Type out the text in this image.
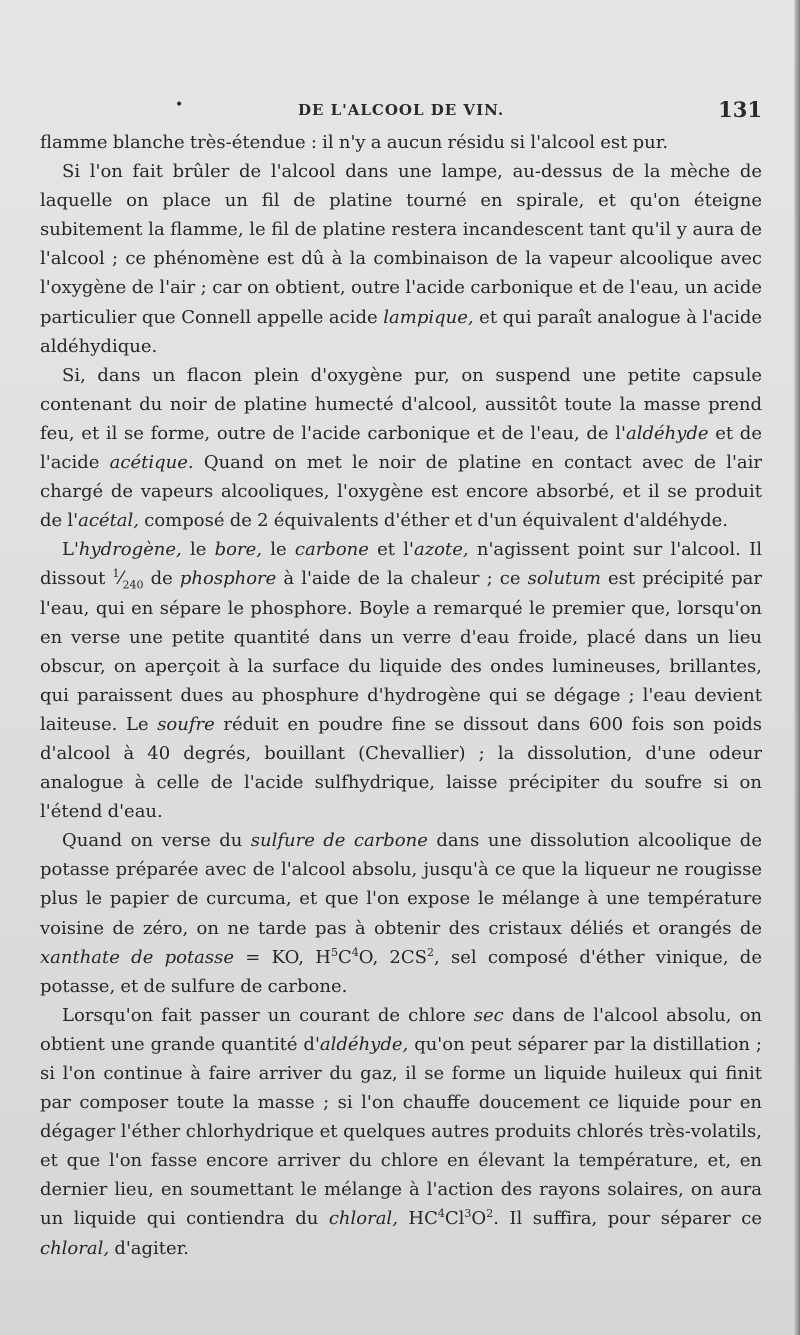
•	DE L'ALCOOL DE VIN.	131

flamme blanche très-étendue : il n'y a aucun résidu si l'alcool est pur.

Si l'on fait brûler de l'alcool dans une lampe, au-dessus de la mèche de laquelle on place un fil de platine tourné en spirale, et qu'on éteigne subitement la flamme, le fil de platine restera incandescent tant qu'il y aura de l'alcool ; ce phénomène est dû à la combinaison de la vapeur alcoolique avec l'oxygène de l'air ; car on obtient, outre l'acide carbonique et de l'eau, un acide particulier que Connell appelle acide lampique, et qui paraît analogue à l'acide aldéhydique.

Si, dans un flacon plein d'oxygène pur, on suspend une petite capsule contenant du noir de platine humecté d'alcool, aussitôt toute la masse prend feu, et il se forme, outre de l'acide carbonique et de l'eau, de l'aldéhyde et de l'acide acétique. Quand on met le noir de platine en contact avec de l'air chargé de vapeurs alcooliques, l'oxygène est encore absorbé, et il se produit de l'acétal, composé de 2 équivalents d'éther et d'un équivalent d'aldéhyde.

L'hydrogène, le bore, le carbone et l'azote, n'agissent point sur l'alcool. Il dissout $^1⁄_{240}$ de phosphore à l'aide de la chaleur ; ce solutum est précipité par l'eau, qui en sépare le phosphore. Boyle a remarqué le premier que, lorsqu'on en verse une petite quantité dans un verre d'eau froide, placé dans un lieu obscur, on aperçoit à la surface du liquide des ondes lumineuses, brillantes, qui paraissent dues au phosphure d'hydrogène qui se dégage ; l'eau devient laiteuse. Le soufre réduit en poudre fine se dissout dans 600 fois son poids d'alcool à 40 degrés, bouillant (Chevallier) ; la dissolution, d'une odeur analogue à celle de l'acide sulfhydrique, laisse précipiter du soufre si on l'étend d'eau.

Quand on verse du sulfure de carbone dans une dissolution alcoolique de potasse préparée avec de l'alcool absolu, jusqu'à ce que la liqueur ne rougisse plus le papier de curcuma, et que l'on expose le mélange à une température voisine de zéro, on ne tarde pas à obtenir des cristaux déliés et orangés de xanthate de potasse = KO, $H^5C^4O$, $2CS^2$, sel composé d'éther vinique, de potasse, et de sulfure de carbone.

Lorsqu'on fait passer un courant de chlore sec dans de l'alcool absolu, on obtient une grande quantité d'aldéhyde, qu'on peut séparer par la distillation ; si l'on continue à faire arriver du gaz, il se forme un liquide huileux qui finit par composer toute la masse ; si l'on chauffe doucement ce liquide pour en dégager l'éther chlorhydrique et quelques autres produits chlorés très-volatils, et que l'on fasse encore arriver du chlore en élevant la température, et, en dernier lieu, en soumettant le mélange à l'action des rayons solaires, on aura un liquide qui contiendra du chloral, $HC^4Cl^3O^2$. Il suffira, pour séparer ce chloral, d'agiter.
